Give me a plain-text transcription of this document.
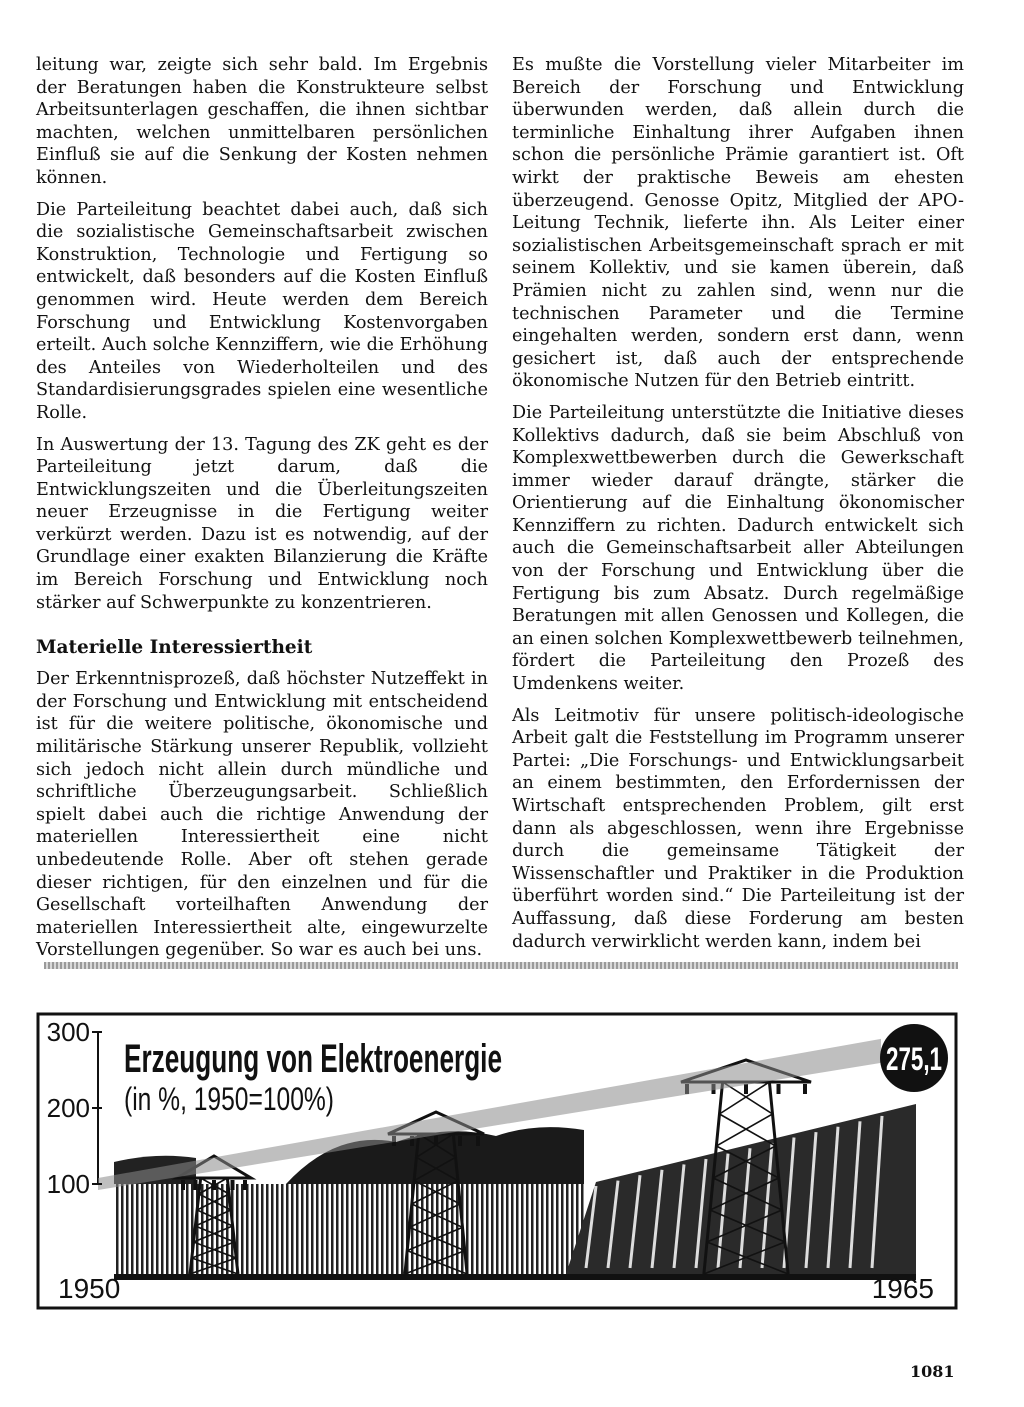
leitung war, zeigte sich sehr bald. Im Ergebnis der Beratungen haben die Konstrukteure selbst Arbeitsunterlagen geschaffen, die ihnen sichtbar machten, welchen unmittelbaren persönlichen Einfluß sie auf die Senkung der Kosten nehmen können.

Die Parteileitung beachtet dabei auch, daß sich die sozialistische Gemeinschaftsarbeit zwischen Konstruktion, Technologie und Fertigung so entwickelt, daß besonders auf die Kosten Einfluß genommen wird. Heute werden dem Bereich Forschung und Entwicklung Kostenvorgaben erteilt. Auch solche Kennziffern, wie die Erhöhung des Anteiles von Wiederholteilen und des Standardisierungsgrades spielen eine wesentliche Rolle.

In Auswertung der 13. Tagung des ZK geht es der Parteileitung jetzt darum, daß die Entwicklungszeiten und die Überleitungszeiten neuer Erzeugnisse in die Fertigung weiter verkürzt werden. Dazu ist es notwendig, auf der Grundlage einer exakten Bilanzierung die Kräfte im Bereich Forschung und Entwicklung noch stärker auf Schwerpunkte zu konzentrieren.

Materielle Interessiertheit

Der Erkenntnisprozeß, daß höchster Nutzeffekt in der Forschung und Entwicklung mit entscheidend ist für die weitere politische, ökonomische und militärische Stärkung unserer Republik, vollzieht sich jedoch nicht allein durch mündliche und schriftliche Überzeugungsarbeit. Schließlich spielt dabei auch die richtige Anwendung der materiellen Interessiertheit eine nicht unbedeutende Rolle. Aber oft stehen gerade dieser richtigen, für den einzelnen und für die Gesellschaft vorteilhaften Anwendung der materiellen Interessiertheit alte, eingewurzelte Vorstellungen gegenüber. So war es auch bei uns.

Es mußte die Vorstellung vieler Mitarbeiter im Bereich der Forschung und Entwicklung überwunden werden, daß allein durch die terminliche Einhaltung ihrer Aufgaben ihnen schon die persönliche Prämie garantiert ist. Oft wirkt der praktische Beweis am ehesten überzeugend. Genosse Opitz, Mitglied der APO-Leitung Technik, lieferte ihn. Als Leiter einer sozialistischen Arbeitsgemeinschaft sprach er mit seinem Kollektiv, und sie kamen überein, daß Prämien nicht zu zahlen sind, wenn nur die technischen Parameter und die Termine eingehalten werden, sondern erst dann, wenn gesichert ist, daß auch der entsprechende ökonomische Nutzen für den Betrieb eintritt.

Die Parteileitung unterstützte die Initiative dieses Kollektivs dadurch, daß sie beim Abschluß von Komplexwettbewerben durch die Gewerkschaft immer wieder darauf drängte, stärker die Orientierung auf die Einhaltung ökonomischer Kennziffern zu richten. Dadurch entwickelt sich auch die Gemeinschaftsarbeit aller Abteilungen von der Forschung und Entwicklung über die Fertigung bis zum Absatz. Durch regelmäßige Beratungen mit allen Genossen und Kollegen, die an einen solchen Komplexwettbewerb teilnehmen, fördert die Parteileitung den Prozeß des Umdenkens weiter.

Als Leitmotiv für unsere politisch-ideologische Arbeit galt die Feststellung im Programm unserer Partei: „Die Forschungs- und Entwicklungsarbeit an einem bestimmten, den Erfordernissen der Wirtschaft entsprechenden Problem, gilt erst dann als abgeschlossen, wenn ihre Ergebnisse durch die gemeinsame Tätigkeit der Wissenschaftler und Praktiker in die Produktion überführt worden sind.“ Die Parteileitung ist der Auffassung, daß diese Forderung am besten dadurch verwirklicht werden kann, indem bei

300
200
100
Erzeugung von Elektroenergie
(in %, 1950=100%)
275,1
1950	1965
1081
